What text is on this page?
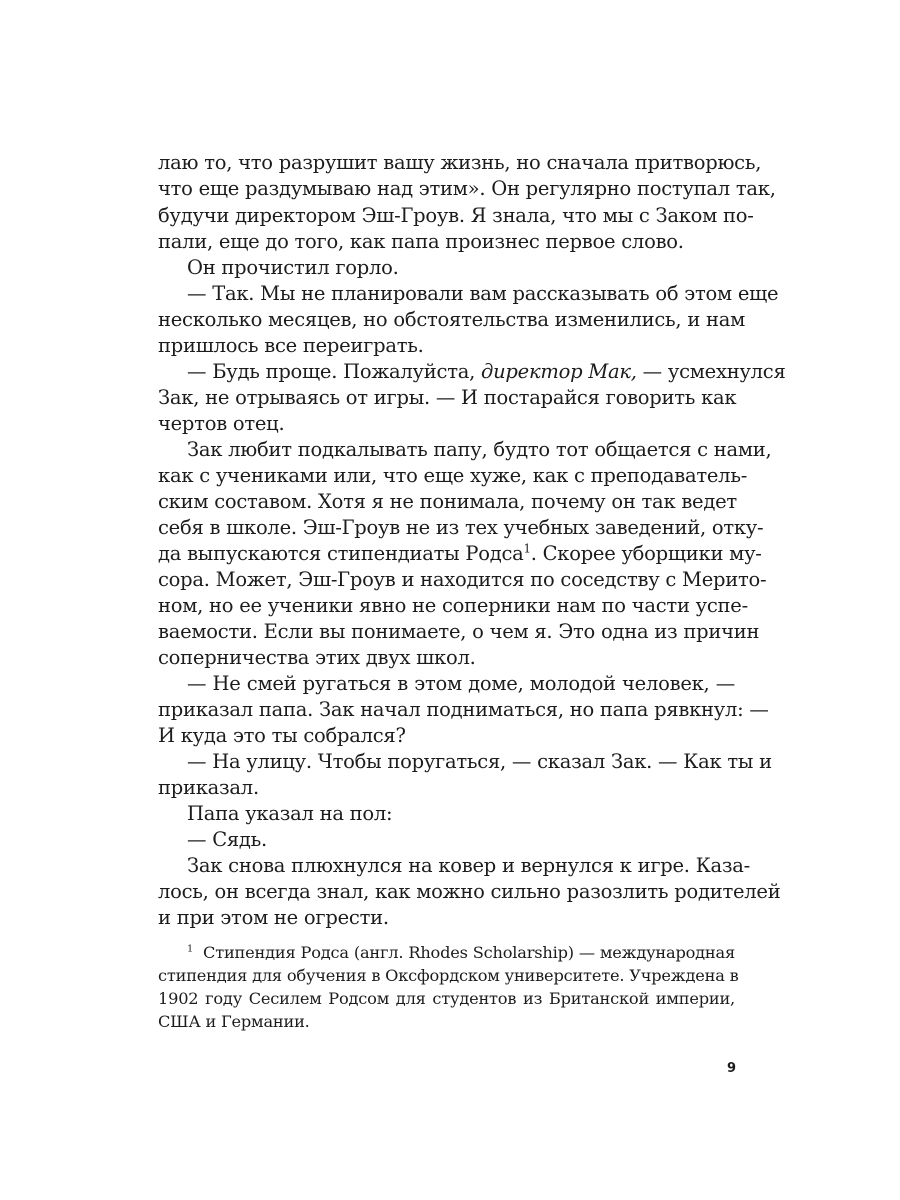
лаю то, что разрушит вашу жизнь, но сначала притворюсь,
что еще раздумываю над этим». Он регулярно поступал так,
будучи директором Эш-Гроув. Я знала, что мы с Заком по-
пали, еще до того, как папа произнес первое слово.
Он прочистил горло.
— Так. Мы не планировали вам рассказывать об этом еще
несколько месяцев, но обстоятельства изменились, и нам
пришлось все переиграть.
— Будь проще. Пожалуйста, директор Мак, — усмехнулся
Зак, не отрываясь от игры. — И постарайся говорить как
чертов отец.
Зак любит подкалывать папу, будто тот общается с нами,
как с учениками или, что еще хуже, как с преподаватель-
ским составом. Хотя я не понимала, почему он так ведет
себя в школе. Эш-Гроув не из тех учебных заведений, отку-
да выпускаются стипендиаты Родса$^1$. Скорее уборщики му-
сора. Может, Эш-Гроув и находится по соседству с Мерито-
ном, но ее ученики явно не соперники нам по части успе-
ваемости. Если вы понимаете, о чем я. Это одна из причин
соперничества этих двух школ.
— Не смей ругаться в этом доме, молодой человек, —
приказал папа. Зак начал подниматься, но папа рявкнул: —
И куда это ты собрался?
— На улицу. Чтобы поругаться, — сказал Зак. — Как ты и
приказал.
Папа указал на пол:
— Сядь.
Зак снова плюхнулся на ковер и вернулся к игре. Каза-
лось, он всегда знал, как можно сильно разозлить родителей
и при этом не огрести.
$^1$ Стипендия Родса (англ. Rhodes Scholarship) — международная
стипендия для обучения в Оксфордском университете. Учреждена в
1902 году Сесилем Родсом для студентов из Британской империи,
США и Германии.
9
